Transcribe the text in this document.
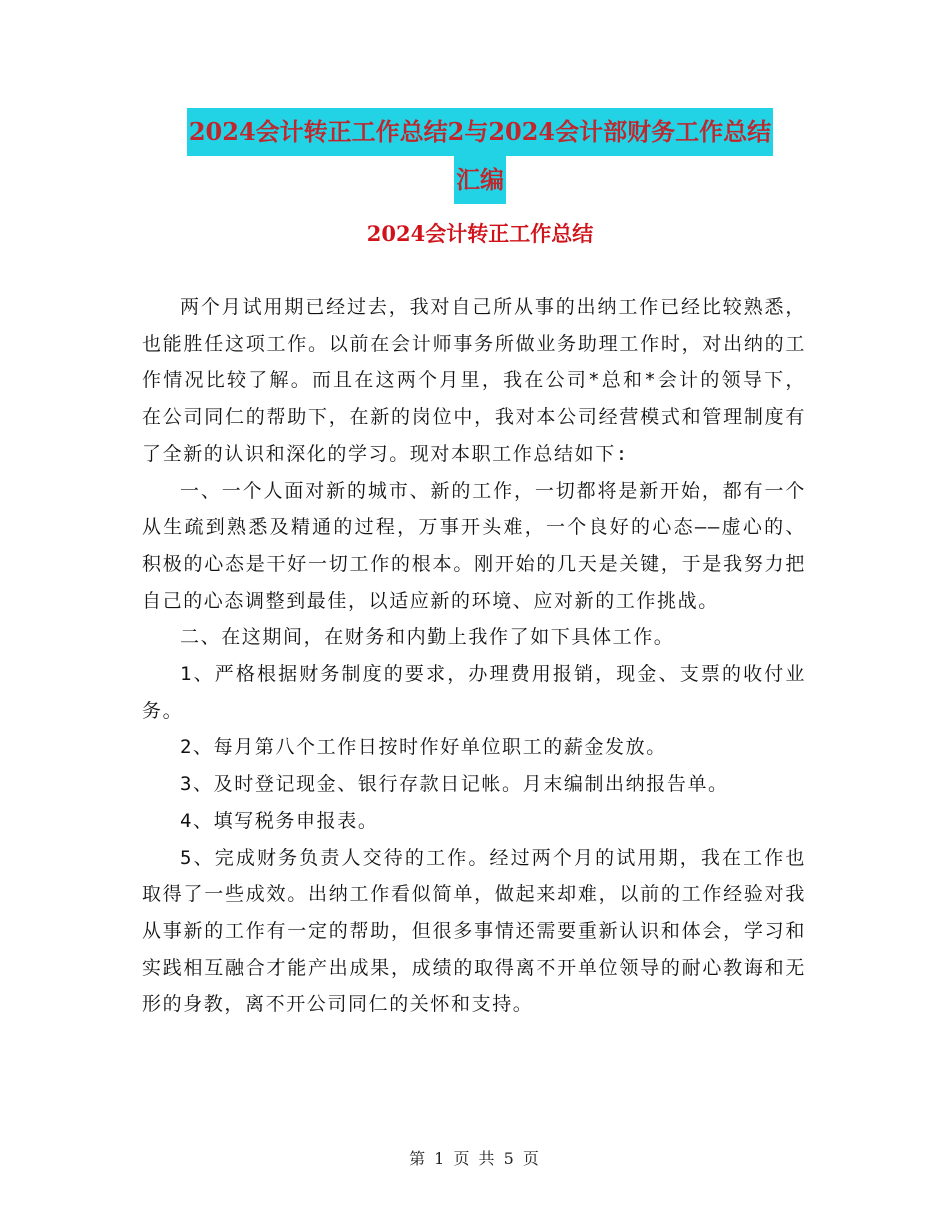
2024会计转正工作总结2与2024会计部财务工作总结
汇编
2024会计转正工作总结

两个月试用期已经过去，我对自己所从事的出纳工作已经比较熟悉，也能胜任这项工作。以前在会计师事务所做业务助理工作时，对出纳的工作情况比较了解。而且在这两个月里，我在公司*总和*会计的领导下，在公司同仁的帮助下，在新的岗位中，我对本公司经营模式和管理制度有了全新的认识和深化的学习。现对本职工作总结如下:

一、一个人面对新的城市、新的工作，一切都将是新开始，都有一个从生疏到熟悉及精通的过程，万事开头难，一个良好的心态——虚心的、积极的心态是干好一切工作的根本。刚开始的几天是关键，于是我努力把自己的心态调整到最佳，以适应新的环境、应对新的工作挑战。

二、在这期间，在财务和内勤上我作了如下具体工作。

1、严格根据财务制度的要求，办理费用报销，现金、支票的收付业务。

2、每月第八个工作日按时作好单位职工的薪金发放。

3、及时登记现金、银行存款日记帐。月末编制出纳报告单。

4、填写税务申报表。

5、完成财务负责人交待的工作。经过两个月的试用期，我在工作也取得了一些成效。出纳工作看似简单，做起来却难，以前的工作经验对我从事新的工作有一定的帮助，但很多事情还需要重新认识和体会，学习和实践相互融合才能产出成果，成绩的取得离不开单位领导的耐心教诲和无形的身教，离不开公司同仁的关怀和支持。

第 1 页 共 5 页
